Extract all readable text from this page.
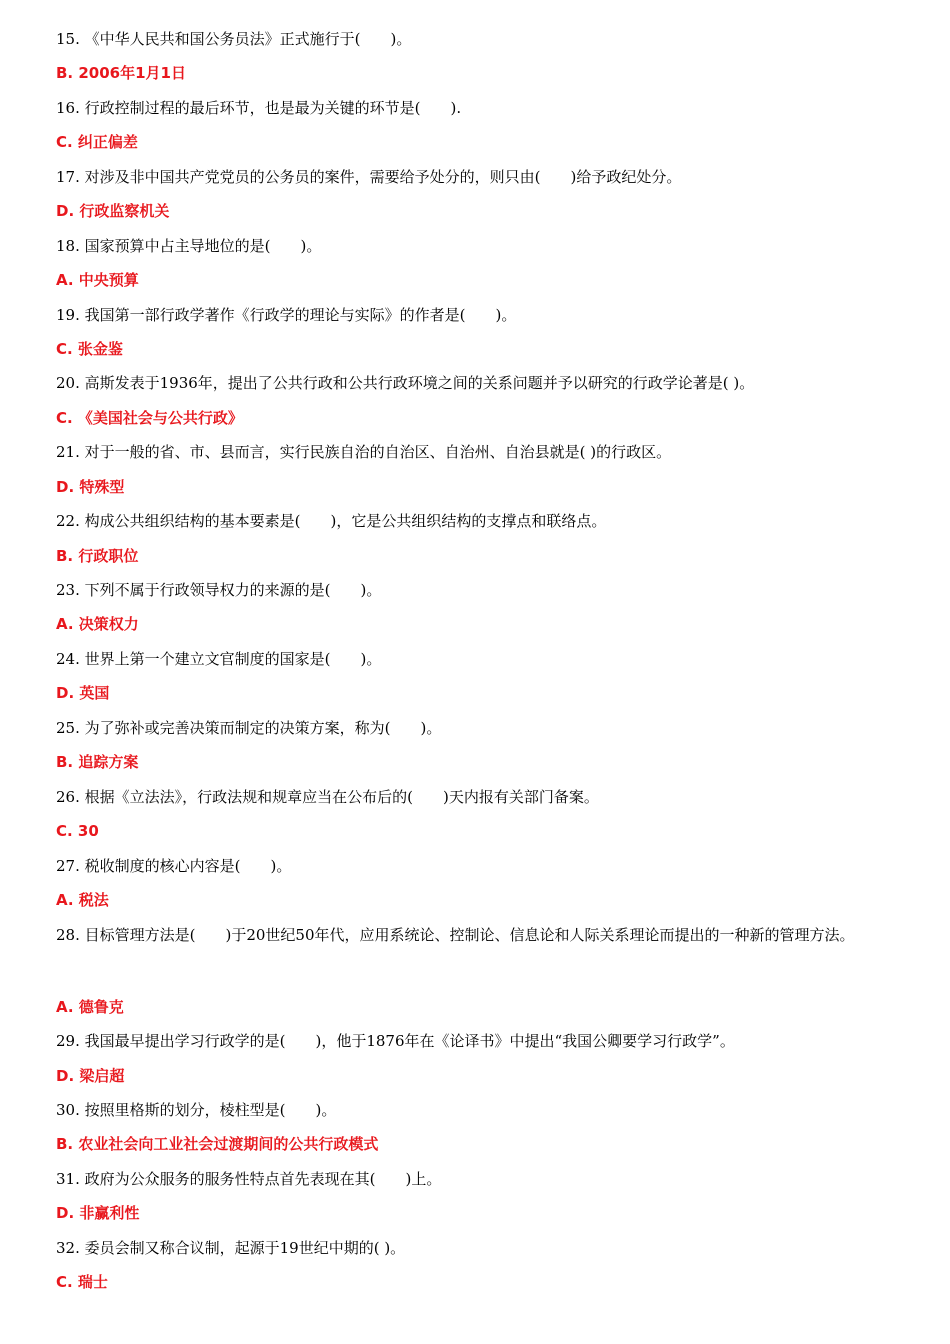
15. 《中华人民共和国公务员法》正式施行于(　　)。
B. 2006年1月1日
16. 行政控制过程的最后环节，也是最为关键的环节是(　　).
C. 纠正偏差
17. 对涉及非中国共产党党员的公务员的案件，需要给予处分的，则只由(　　)给予政纪处分。
D. 行政监察机关
18. 国家预算中占主导地位的是(　　)。
A. 中央预算
19. 我国第一部行政学著作《行政学的理论与实际》的作者是(　　)。
C. 张金鉴
20. 高斯发表于1936年，提出了公共行政和公共行政环境之间的关系问题并予以研究的行政学论著是( )。
C. 《美国社会与公共行政》
21. 对于一般的省、市、县而言，实行民族自治的自治区、自治州、自治县就是( )的行政区。
D. 特殊型
22. 构成公共组织结构的基本要素是(　　)，它是公共组织结构的支撑点和联络点。
B. 行政职位
23. 下列不属于行政领导权力的来源的是(　　)。
A. 决策权力
24. 世界上第一个建立文官制度的国家是(　　)。
D. 英国
25. 为了弥补或完善决策而制定的决策方案，称为(　　)。
B. 追踪方案
26. 根据《立法法》，行政法规和规章应当在公布后的(　　)天内报有关部门备案。
C. 30
27. 税收制度的核心内容是(　　)。
A. 税法
28. 目标管理方法是(　　)于20世纪50年代，应用系统论、控制论、信息论和人际关系理论而提出的一种新的管理方法。
A. 德鲁克
29. 我国最早提出学习行政学的是(　　)，他于1876年在《论译书》中提出“我国公卿要学习行政学”。
D. 梁启超
30. 按照里格斯的划分，棱柱型是(　　)。
B. 农业社会向工业社会过渡期间的公共行政模式
31. 政府为公众服务的服务性特点首先表现在其(　　)上。
D. 非赢利性
32. 委员会制又称合议制，起源于19世纪中期的( )。
C. 瑞士
